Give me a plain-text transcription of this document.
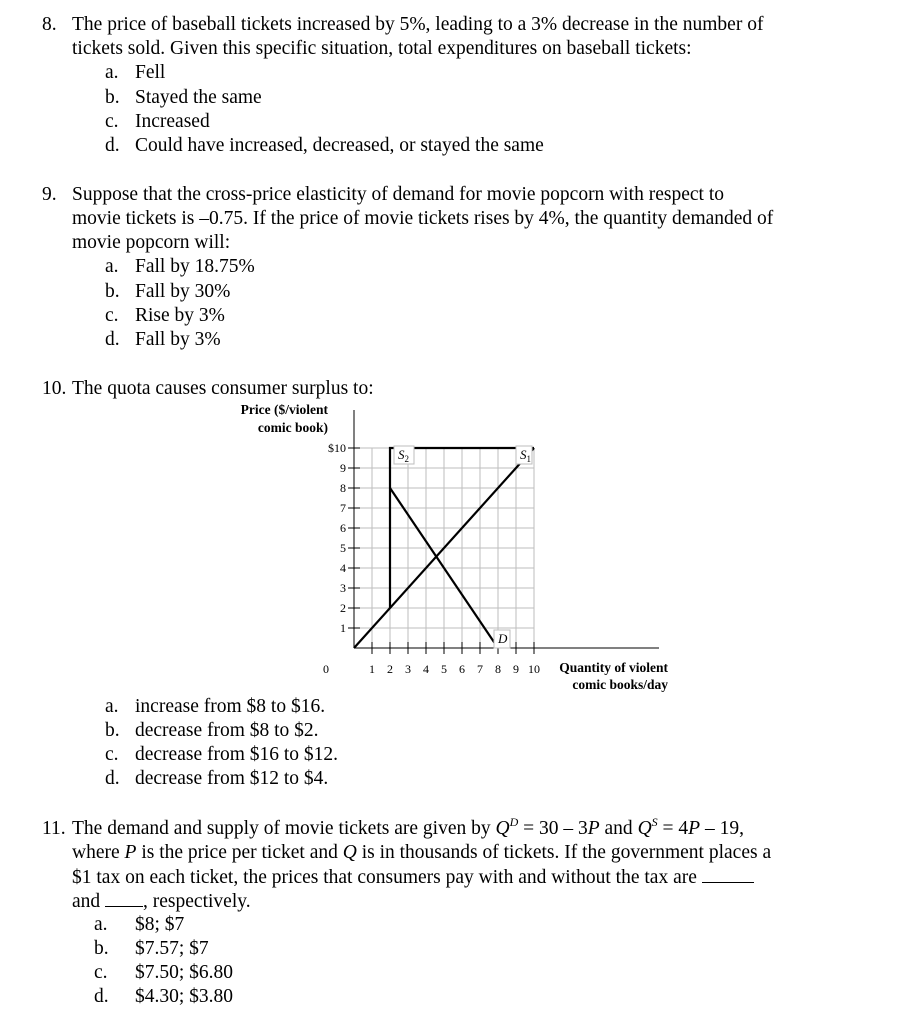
8. The price of baseball tickets increased by 5%, leading to a 3% decrease in the number of
tickets sold. Given this specific situation, total expenditures on baseball tickets:
a. Fell
b. Stayed the same
c. Increased
d. Could have increased, decreased, or stayed the same
9. Suppose that the cross-price elasticity of demand for movie popcorn with respect to
movie tickets is –0.75. If the price of movie tickets rises by 4%, the quantity demanded of
movie popcorn will:
a. Fall by 18.75%
b. Fall by 30%
c. Rise by 3%
d. Fall by 3%
10. The quota causes consumer surplus to:
$10
9
8
7
6
5
4
3
2
1
1 2 3 4 5 6 7 8 9 10
0
Price ($/violent
comic book)
Quantity of violent
comic books/day
$S_1$
D
$S_2$
a. increase from $8 to $16.
b. decrease from $8 to $2.
c. decrease from $16 to $12.
d. decrease from $12 to $4.
11. The demand and supply of movie tickets are given by $Q^D = 30 - 3P$ and $Q^S = 4P - 19$,
where P is the price per ticket and Q is in thousands of tickets. If the government places a
$1 tax on each ticket, the prices that consumers pay with and without the tax are
and , respectively.
a. $8; $7
b. $7.57; $7
c. $7.50; $6.80
d. $4.30; $3.80
